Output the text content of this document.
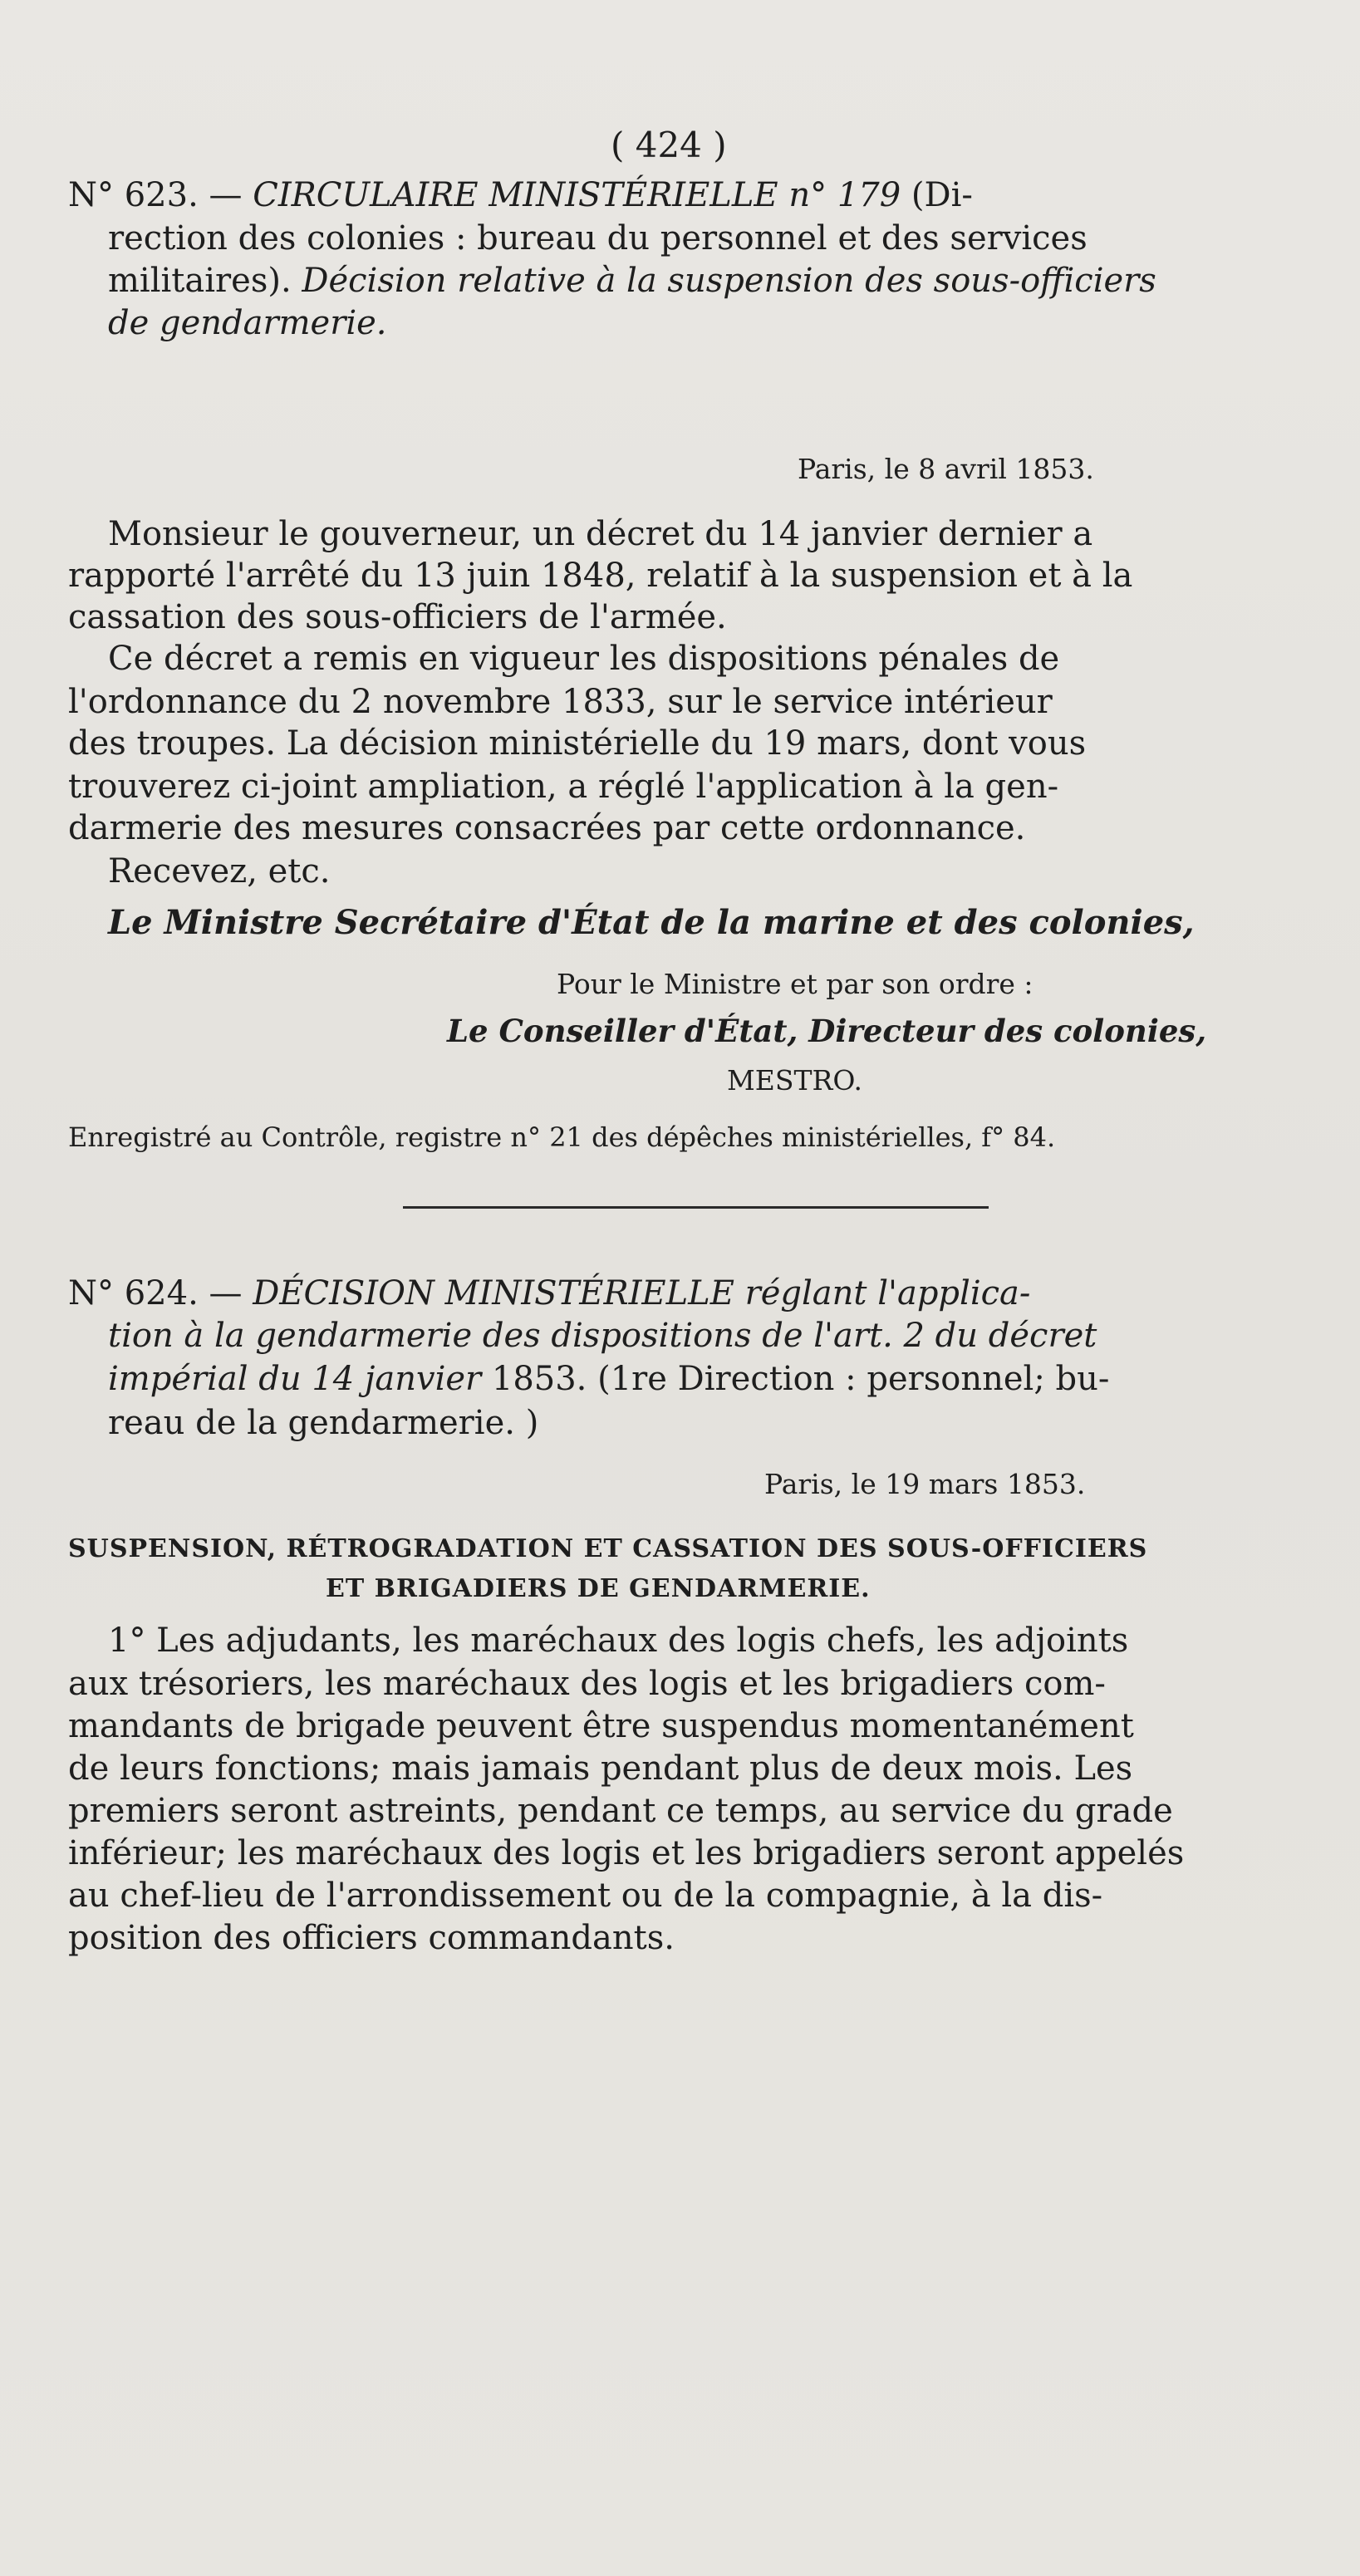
( 424 )
N° 623. — CIRCULAIRE MINISTÉRIELLE n° 179 (Di-
rection des colonies : bureau du personnel et des services
militaires). Décision relative à la suspension des sous-officiers
de gendarmerie.
Paris, le 8 avril 1853.
Monsieur le gouverneur, un décret du 14 janvier dernier a
rapporté l'arrêté du 13 juin 1848, relatif à la suspension et à la
cassation des sous-officiers de l'armée.
Ce décret a remis en vigueur les dispositions pénales de
l'ordonnance du 2 novembre 1833, sur le service intérieur
des troupes. La décision ministérielle du 19 mars, dont vous
trouverez ci-joint ampliation, a réglé l'application à la gen-
darmerie des mesures consacrées par cette ordonnance.
Recevez, etc.
Le Ministre Secrétaire d'État de la marine et des colonies,
Pour le Ministre et par son ordre :
Le Conseiller d'État, Directeur des colonies,
MESTRO.
Enregistré au Contrôle, registre n° 21 des dépêches ministérielles, f° 84.
N° 624. — DÉCISION MINISTÉRIELLE réglant l'applica-
tion à la gendarmerie des dispositions de l'art. 2 du décret
impérial du 14 janvier 1853. (1re Direction : personnel; bu-
reau de la gendarmerie. )
Paris, le 19 mars 1853.
SUSPENSION, RÉTROGRADATION ET CASSATION DES SOUS-OFFICIERS
ET BRIGADIERS DE GENDARMERIE.
1° Les adjudants, les maréchaux des logis chefs, les adjoints
aux trésoriers, les maréchaux des logis et les brigadiers com-
mandants de brigade peuvent être suspendus momentanément
de leurs fonctions; mais jamais pendant plus de deux mois. Les
premiers seront astreints, pendant ce temps, au service du grade
inférieur; les maréchaux des logis et les brigadiers seront appelés
au chef-lieu de l'arrondissement ou de la compagnie, à la dis-
position des officiers commandants.
